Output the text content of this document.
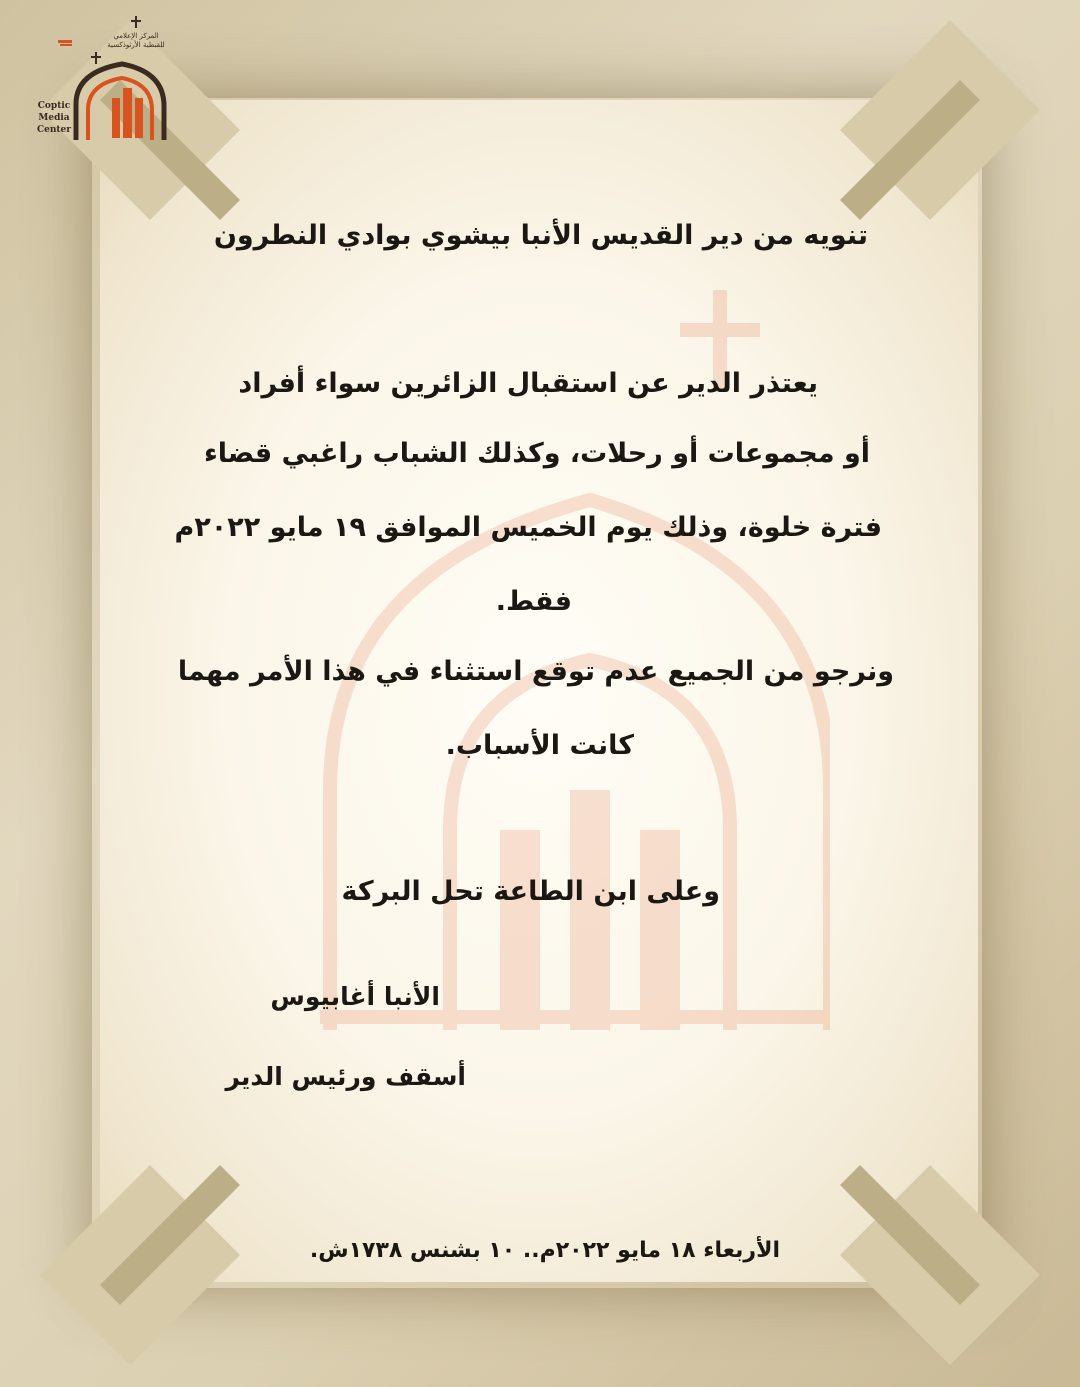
المركز الإعلامي
للقبطية الأرثوذكسية
Coptic
Media
Center
تنويه من دير القديس الأنبا بيشوي بوادي النطرون
يعتذر الدير عن استقبال الزائرين سواء أفراد
أو مجموعات أو رحلات، وكذلك الشباب راغبي قضاء
فترة خلوة، وذلك يوم الخميس الموافق ١٩ مايو ٢٠٢٢م
فقط.
ونرجو من الجميع عدم توقع استثناء في هذا الأمر مهما
كانت الأسباب.
وعلى ابن الطاعة تحل البركة
الأنبا أغابيوس
أسقف ورئيس الدير
الأربعاء ١٨ مايو ٢٠٢٢م.. ١٠ بشنس ١٧٣٨ش.
